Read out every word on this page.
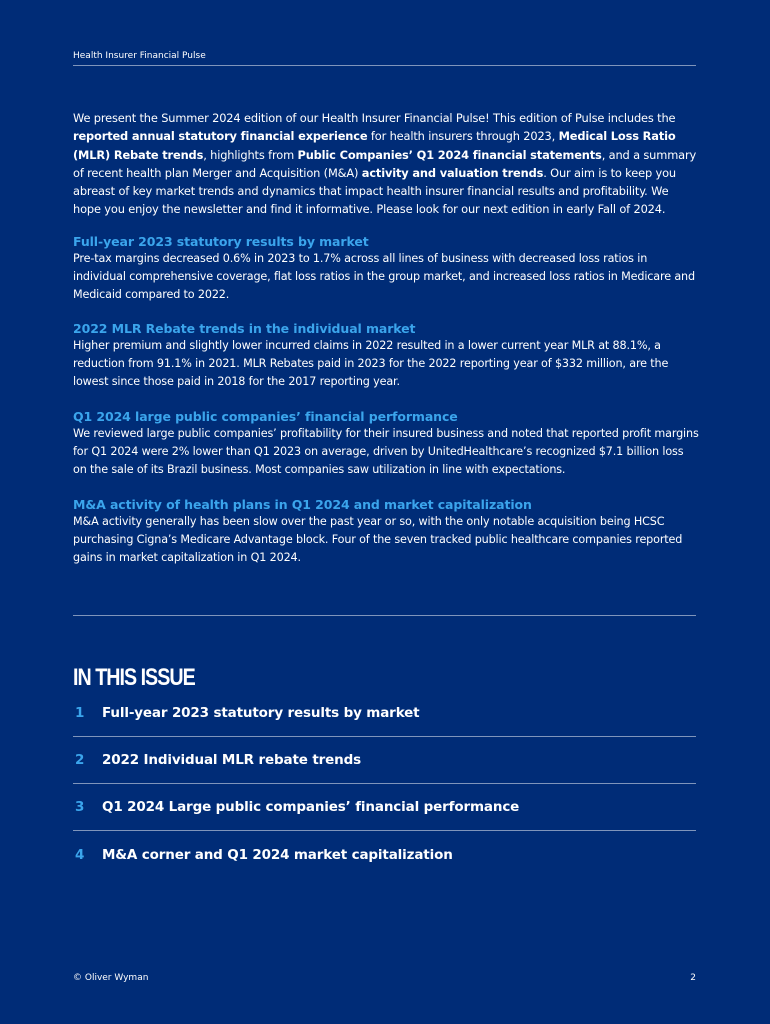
Health Insurer Financial Pulse

We present the Summer 2024 edition of our Health Insurer Financial Pulse! This edition of Pulse includes the reported annual statutory financial experience for health insurers through 2023, Medical Loss Ratio (MLR) Rebate trends, highlights from Public Companies’ Q1 2024 financial statements, and a summary of recent health plan Merger and Acquisition (M&A) activity and valuation trends. Our aim is to keep you abreast of key market trends and dynamics that impact health insurer financial results and profitability. We hope you enjoy the newsletter and find it informative. Please look for our next edition in early Fall of 2024.

Full-year 2023 statutory results by market

Pre-tax margins decreased 0.6% in 2023 to 1.7% across all lines of business with decreased loss ratios in individual comprehensive coverage, flat loss ratios in the group market, and increased loss ratios in Medicare and Medicaid compared to 2022.

2022 MLR Rebate trends in the individual market

Higher premium and slightly lower incurred claims in 2022 resulted in a lower current year MLR at 88.1%, a reduction from 91.1% in 2021. MLR Rebates paid in 2023 for the 2022 reporting year of $332 million, are the lowest since those paid in 2018 for the 2017 reporting year.

Q1 2024 large public companies’ financial performance

We reviewed large public companies’ profitability for their insured business and noted that reported profit margins for Q1 2024 were 2% lower than Q1 2023 on average, driven by UnitedHealthcare’s recognized $7.1 billion loss on the sale of its Brazil business. Most companies saw utilization in line with expectations.

M&A activity of health plans in Q1 2024 and market capitalization

M&A activity generally has been slow over the past year or so, with the only notable acquisition being HCSC purchasing Cigna’s Medicare Advantage block. Four of the seven tracked public healthcare companies reported gains in market capitalization in Q1 2024.

IN THIS ISSUE
1	Full-year 2023 statutory results by market
2	2022 Individual MLR rebate trends
3	Q1 2024 Large public companies’ financial performance
4	M&A corner and Q1 2024 market capitalization
© Oliver Wyman	2
